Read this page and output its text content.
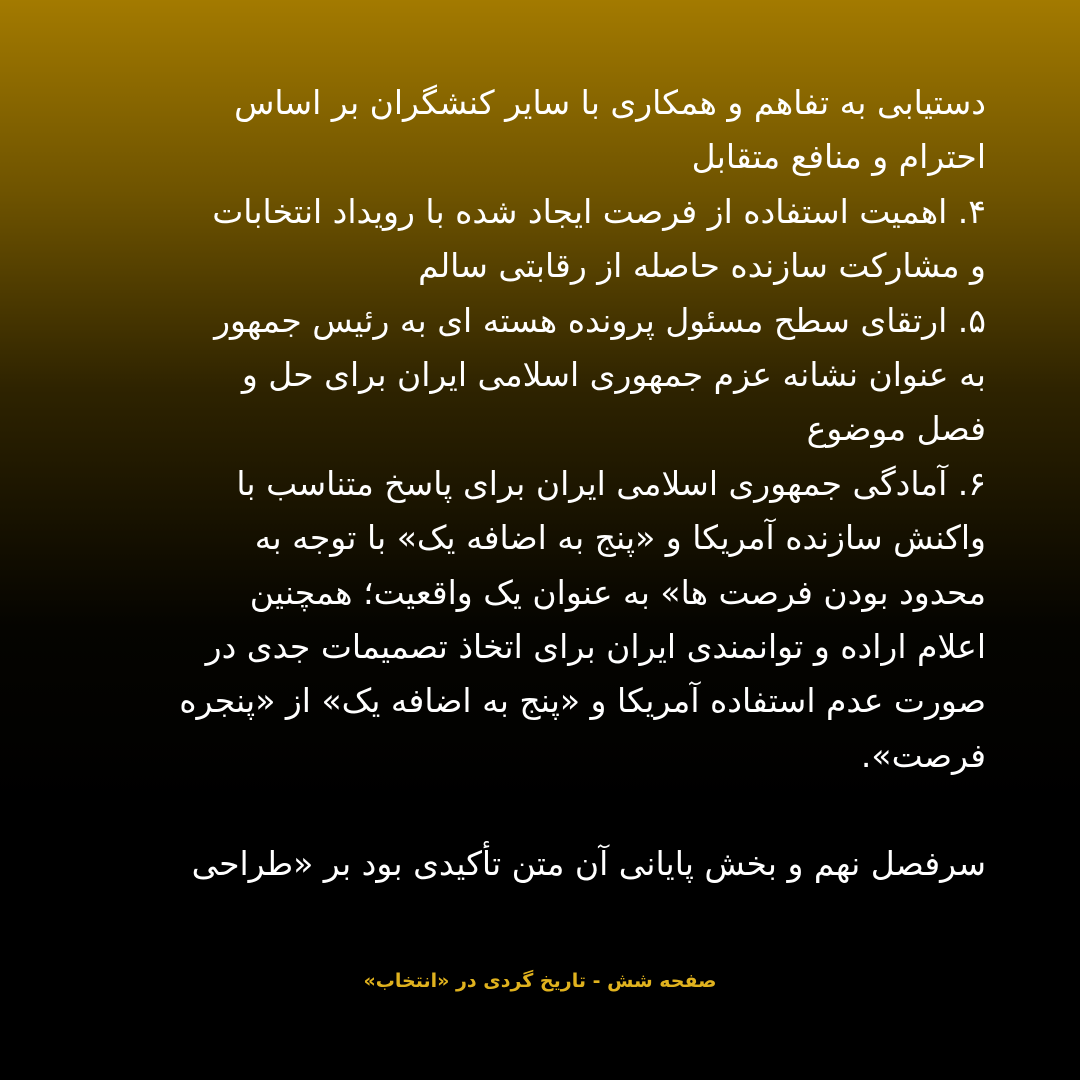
دستیابی به تفاهم و همکاری با سایر کنشگران بر اساس
احترام و منافع متقابل
۴. اهمیت استفاده از فرصت ایجاد شده با رویداد انتخابات
و مشارکت سازنده حاصله از رقابتی سالم
۵. ارتقای سطح مسئول پرونده هسته ای به رئیس جمهور
به عنوان نشانه عزم جمهوری اسلامی ایران برای حل و
فصل موضوع
۶. آمادگی جمهوری اسلامی ایران برای پاسخ متناسب با
واکنش سازنده آمریکا و «پنج به اضافه یک» با توجه به
محدود بودن فرصت ها» به عنوان یک واقعیت؛ همچنین
اعلام اراده و توانمندی ایران برای اتخاذ تصمیمات جدی در
صورت عدم استفاده آمریکا و «پنج به اضافه یک» از «پنجره
فرصت».
سرفصل نهم و بخش پایانی آن متن تأکیدی بود بر «طراحی
صفحه شش - تاریخ گردی در «انتخاب»
